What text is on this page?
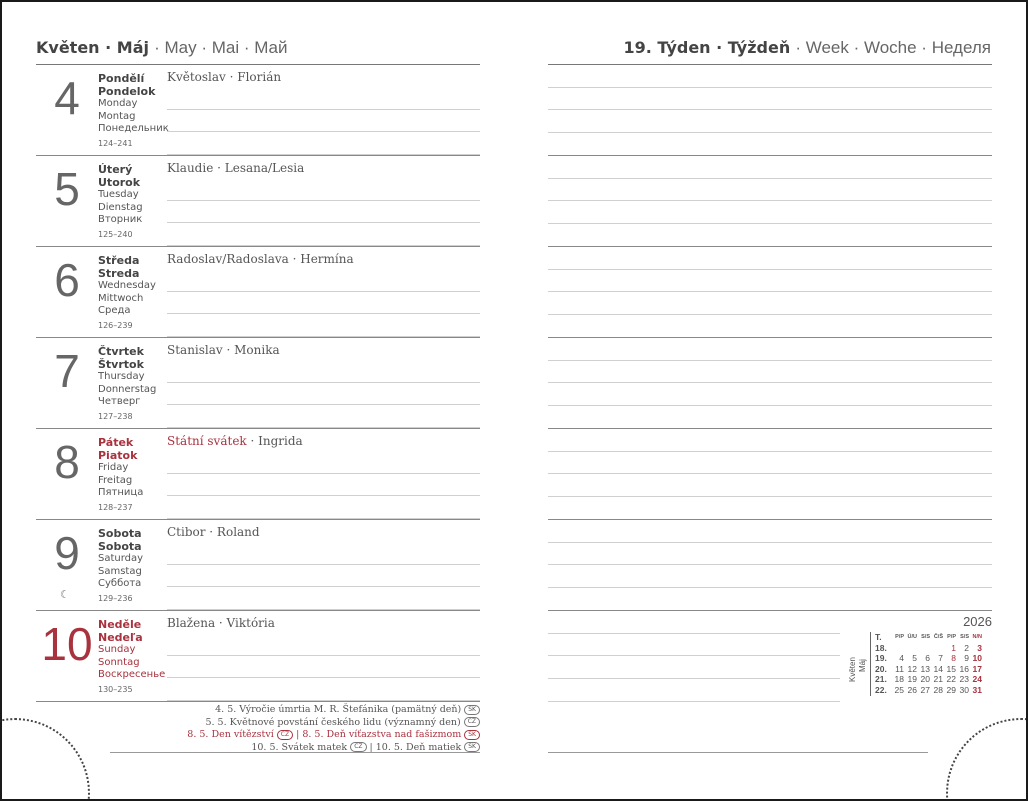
Květen · Máj · May · Mai · Май	19. Týden · Týždeň · Week · Woche · Неделя
4	Pondělí
Pondelok
Monday
Montag
Понедельник
124–241
Květoslav · Florián
5	Úterý
Utorok
Tuesday
Dienstag
Вторник
125–240
Klaudie · Lesana/Lesia
6	Středa
Streda
Wednesday
Mittwoch
Среда
126–239
Radoslav/Radoslava · Hermína
7	Čtvrtek
Štvrtok
Thursday
Donnerstag
Четверг
127–238
Stanislav · Monika
8	Pátek
Piatok
Friday
Freitag
Пятница
128–237
Státní svátek · Ingrida
9
☾
Sobota
Sobota
Saturday
Samstag
Суббота
129–236
Ctibor · Roland
10 Neděle
Nedeľa
Sunday
Sonntag
Воскресенье
130–235
Blažena · Viktória
4. 5. Výročie úmrtia M. R. Štefánika (pamätný deň) SK
5. 5. Květnové povstání českého lidu (významný den) CZ
8. 5. Den vítězství CZ | 8. 5. Deň víťazstva nad fašizmom SK
10. 5. Svátek matek CZ | 10. 5. Deň matiek SK
2026
Květen Máj
T.	P/P	Ú/U	S/S	Č/Š	P/P	S/S	N/N
18.					1	2	3
19.	4	5	6	7	8	9	10
20.	11	12	13	14	15	16	17
21.	18	19	20	21	22	23	24
22.	25	26	27	28	29	30	31
